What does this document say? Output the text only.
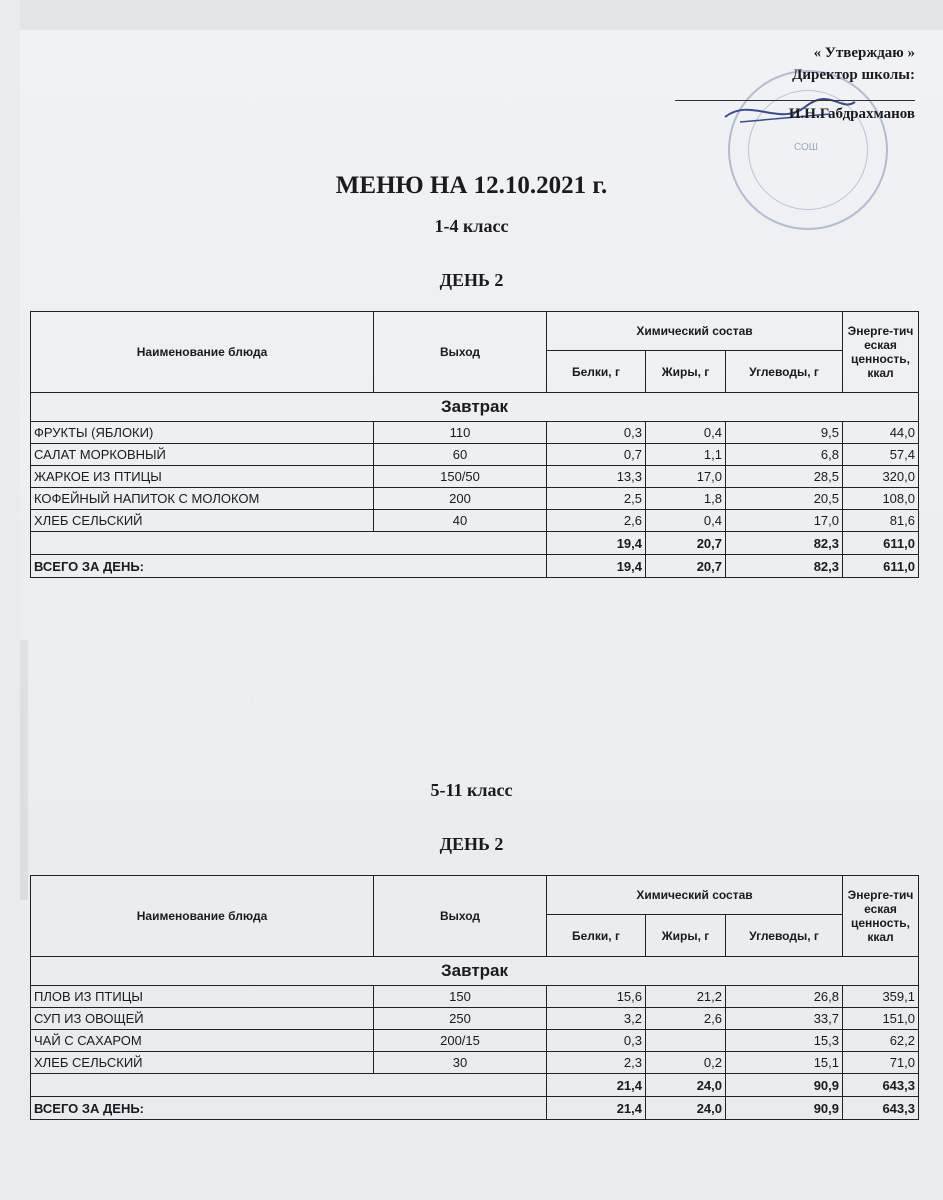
СОШ
« Утверждаю »
Директор школы:
И.Н.Габдрахманов
МЕНЮ НА 12.10.2021 г.
1-4 класс
ДЕНЬ 2
Наименование блюда	Выход	Химический состав			Энерге-тич еская ценность, ккал
		Белки, г	Жиры, г	Углеводы, г	
Завтрак					
ФРУКТЫ (ЯБЛОКИ)	110	0,3	0,4	9,5	44,0
САЛАТ МОРКОВНЫЙ	60	0,7	1,1	6,8	57,4
ЖАРКОЕ ИЗ ПТИЦЫ	150/50	13,3	17,0	28,5	320,0
КОФЕЙНЫЙ НАПИТОК С МОЛОКОМ	200	2,5	1,8	20,5	108,0
ХЛЕБ СЕЛЬСКИЙ	40	2,6	0,4	17,0	81,6
		19,4	20,7	82,3	611,0
ВСЕГО ЗА ДЕНЬ:		19,4	20,7	82,3	611,0
5-11 класс
ДЕНЬ 2
Наименование блюда	Выход	Химический состав			Энерге-тич еская ценность, ккал
		Белки, г	Жиры, г	Углеводы, г	
Завтрак					
ПЛОВ ИЗ ПТИЦЫ	150	15,6	21,2	26,8	359,1
СУП ИЗ ОВОЩЕЙ	250	3,2	2,6	33,7	151,0
ЧАЙ С САХАРОМ	200/15	0,3		15,3	62,2
ХЛЕБ СЕЛЬСКИЙ	30	2,3	0,2	15,1	71,0
		21,4	24,0	90,9	643,3
ВСЕГО ЗА ДЕНЬ:		21,4	24,0	90,9	643,3
